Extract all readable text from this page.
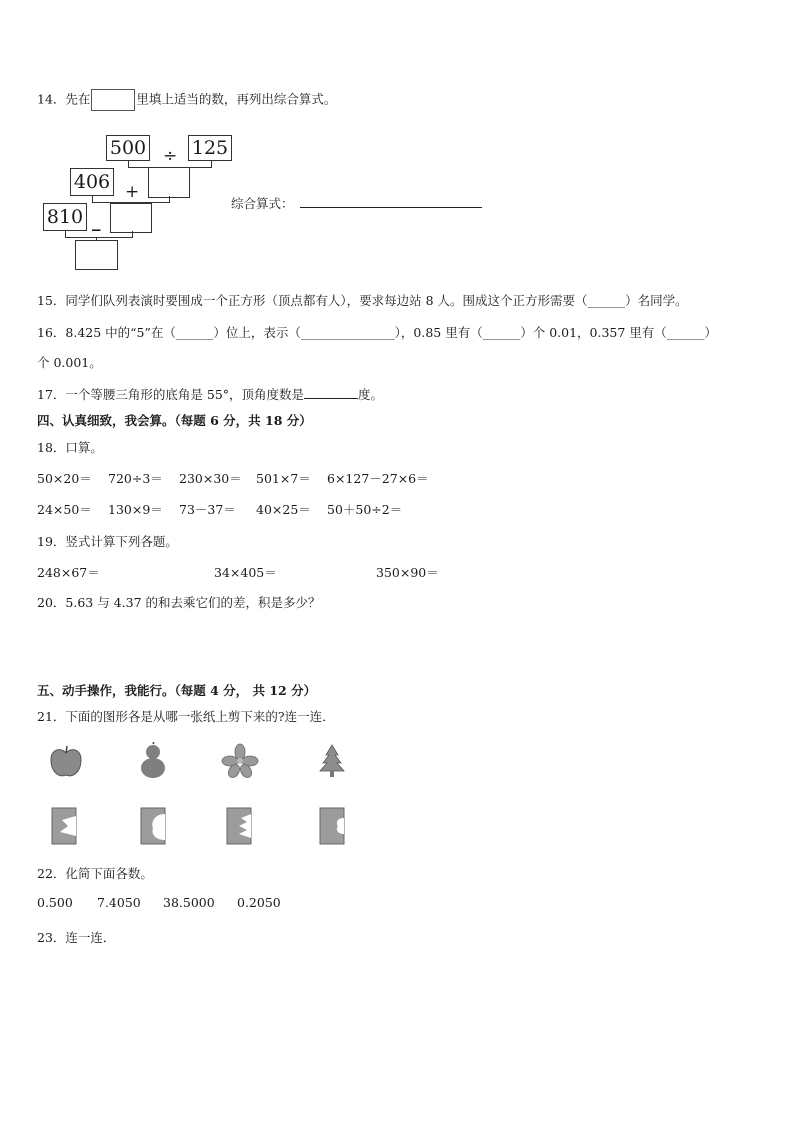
14．先在	里填上适当的数，再列出综合算式。
500 ÷ 125
406 +
810 _
综合算式：
15．同学们队列表演时要围成一个正方形（顶点都有人），要求每边站 8 人。围成这个正方形需要（______）名同学。
16．8.425 中的“5”在（______）位上，表示（_______________），0.85 里有（______）个 0.01，0.357 里有（______）
个 0.001。
17．一个等腰三角形的底角是 55°，顶角度数是	度。
四、认真细致，我会算。（每题 6 分，共 18 分）
18．口算。
50×20＝ 720÷3＝ 230×30＝ 501×7＝ 6×127－27×6＝
24×50＝ 130×9＝ 73－37＝ 40×25＝ 50＋50÷2＝
19．竖式计算下列各题。
248×67＝	34×405＝	350×90＝
20．5.63 与 4.37 的和去乘它们的差，积是多少？
五、动手操作，我能行。（每题 4 分， 共 12 分）
21．下面的图形各是从哪一张纸上剪下来的?连一连．
22．化简下面各数。
0.500 7.4050 38.5000 0.2050
23．连一连．
